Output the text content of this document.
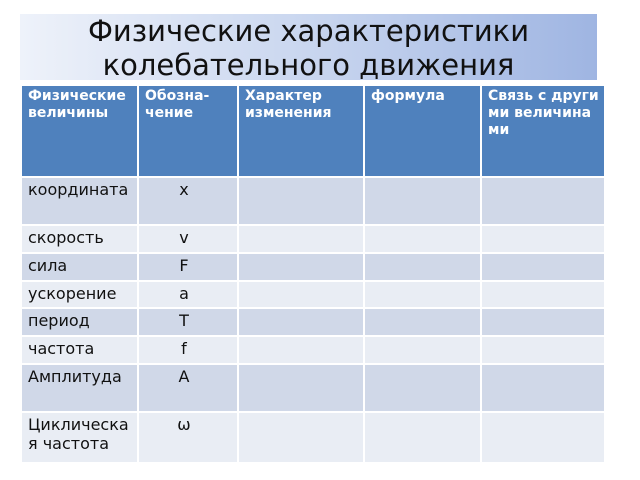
Физические характеристики колебательного движения
Физические величины	Обозна-чение	Характер изменения	формула	Связь с другими величинами
координата	x			
скорость	v			
сила	F			
ускорение	a			
период	T			
частота	f			
Амплитуда	A			
Циклическая частота	ω			
